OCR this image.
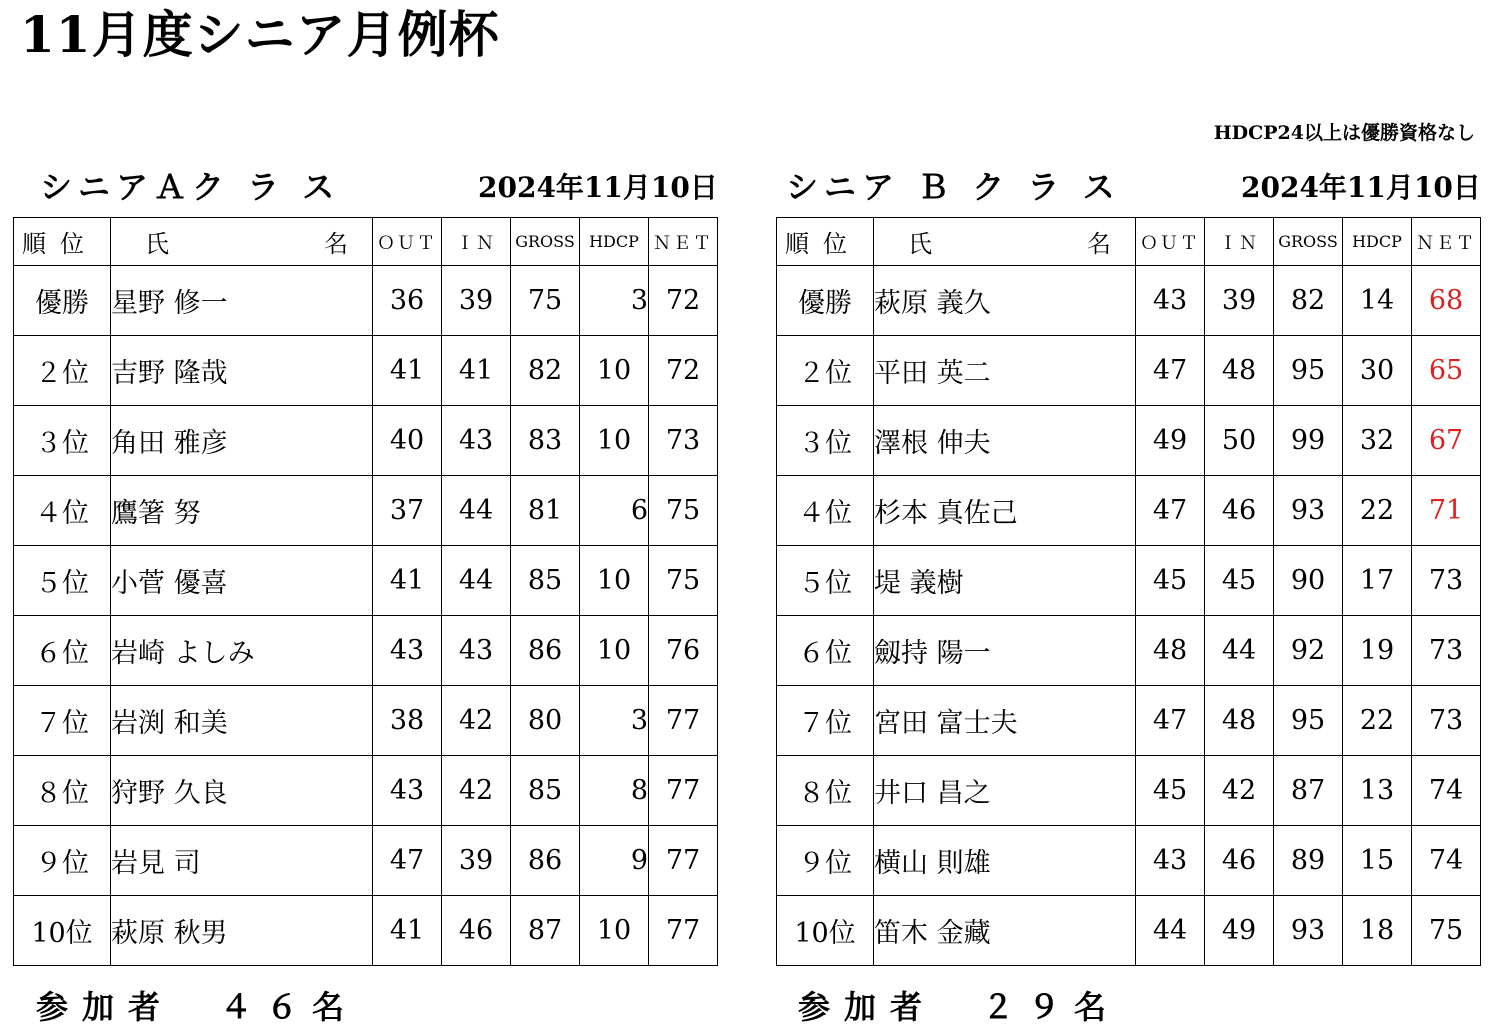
11月度シニア月例杯
HDCP24以上は優勝資格なし
シニアＡク ラ ス	2024年11月10日
順位	氏 名	ＯＵＴ	ＩＮ	GROSS	HDCP	ＮＥＴ
優勝	星野 修一	36	39	75	3	72
２位	吉野 隆哉	41	41	82	10	72
３位	角田 雅彦	40	43	83	10	73
４位	鷹箸 努	37	44	81	6	75
５位	小菅 優喜	41	44	85	10	75
６位	岩崎 よしみ	43	43	86	10	76
７位	岩渕 和美	38	42	80	3	77
８位	狩野 久良	43	42	85	8	77
９位	岩見 司	47	39	86	9	77
10位	萩原 秋男	41	46	87	10	77
参加者　４６名
シニア Ｂ ク ラ ス	2024年11月10日
順位	氏 名	ＯＵＴ	ＩＮ	GROSS	HDCP	ＮＥＴ
優勝	萩原 義久	43	39	82	14	68
２位	平田 英二	47	48	95	30	65
３位	澤根 伸夫	49	50	99	32	67
４位	杉本 真佐己	47	46	93	22	71
５位	堤 義樹	45	45	90	17	73
６位	劔持 陽一	48	44	92	19	73
７位	宮田 富士夫	47	48	95	22	73
８位	井口 昌之	45	42	87	13	74
９位	横山 則雄	43	46	89	15	74
10位	笛木 金藏	44	49	93	18	75
参加者　２９名
